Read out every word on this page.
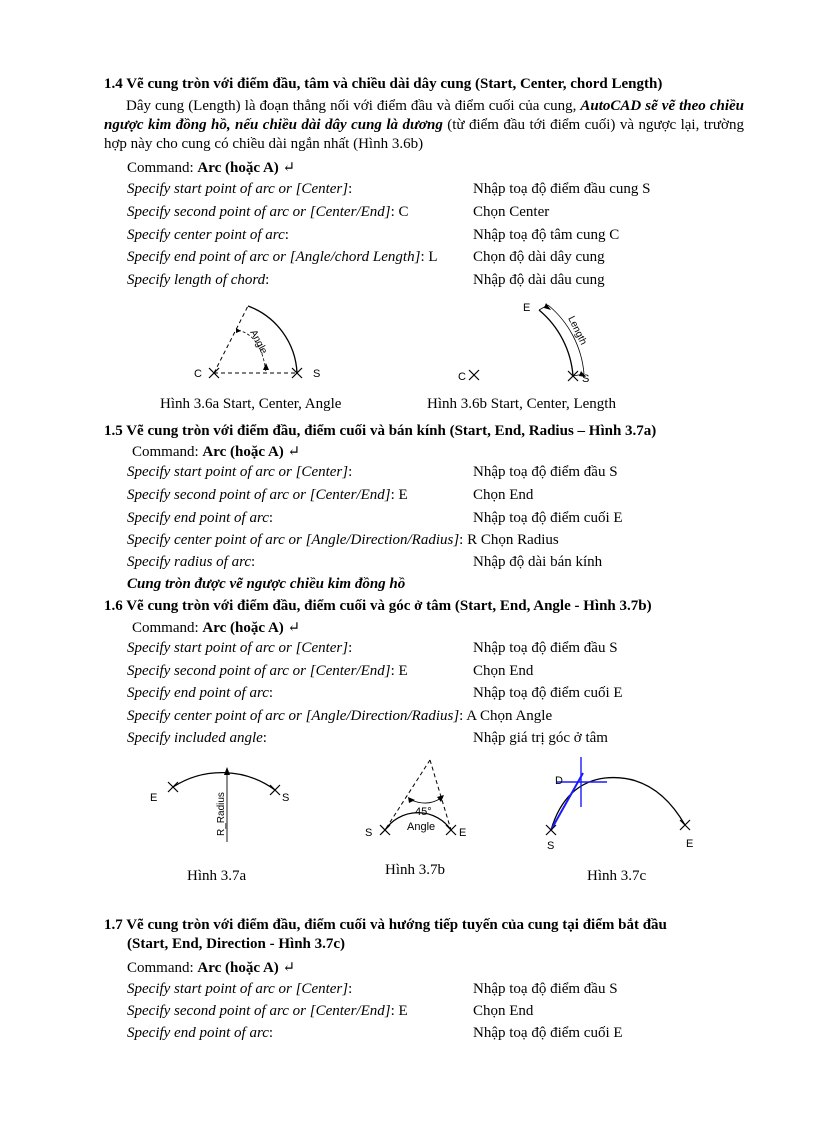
1.4 Vẽ cung tròn với điểm đầu, tâm và chiều dài dây cung (Start, Center, chord Length)
Dây cung (Length) là đoạn thẳng nối với điểm đầu và điểm cuối của cung, AutoCAD sẽ vẽ theo chiều ngược kim đồng hồ, nếu chiều dài dây cung là dương (từ điểm đầu tới điểm cuối) và ngược lại, trường hợp này cho cung có chiều dài ngắn nhất (Hình 3.6b)
Command: Arc (hoặc A) ↵
Specify start point of arc or [Center]:	Nhập toạ độ điểm đầu cung S
Specify second point of arc or [Center/End]: C	Chọn Center
Specify center point of arc:	Nhập toạ độ tâm cung C
Specify end point of arc or [Angle/chord Length]: L Chọn độ dài dây cung
Specify length of chord:	Nhập độ dài dâu cung
C	S
Angle
E
C	S
Length
Hình 3.6a Start, Center, Angle	Hình 3.6b Start, Center, Length
1.5 Vẽ cung tròn với điểm đầu, điểm cuối và bán kính (Start, End, Radius – Hình 3.7a)
Command: Arc (hoặc A) ↵
Specify start point of arc or [Center]:	Nhập toạ độ điểm đầu S
Specify second point of arc or [Center/End]: E	Chọn End
Specify end point of arc:	Nhập toạ độ điểm cuối E
Specify center point of arc or [Angle/Direction/Radius]: R Chọn Radius
Specify radius of arc:	Nhập độ dài bán kính
Cung tròn được vẽ ngược chiều kim đồng hồ
1.6 Vẽ cung tròn với điểm đầu, điểm cuối và góc ở tâm (Start, End, Angle - Hình 3.7b)
Command: Arc (hoặc A) ↵
Specify start point of arc or [Center]:	Nhập toạ độ điểm đầu S
Specify second point of arc or [Center/End]: E	Chọn End
Specify end point of arc:	Nhập toạ độ điểm cuối E
Specify center point of arc or [Angle/Direction/Radius]: A Chọn Angle
Specify included angle:	Nhập giá trị góc ở tâm
E	S
R_Radius	S	E
45°
Angle
D
S	E
Hình 3.7a	Hình 3.7b	Hình 3.7c
1.7 Vẽ cung tròn với điểm đầu, điểm cuối và hướng tiếp tuyến của cung tại điểm bắt đầu
(Start, End, Direction - Hình 3.7c)
Command: Arc (hoặc A) ↵
Specify start point of arc or [Center]:	Nhập toạ độ điểm đầu S
Specify second point of arc or [Center/End]: E	Chọn End
Specify end point of arc:	Nhập toạ độ điểm cuối E
